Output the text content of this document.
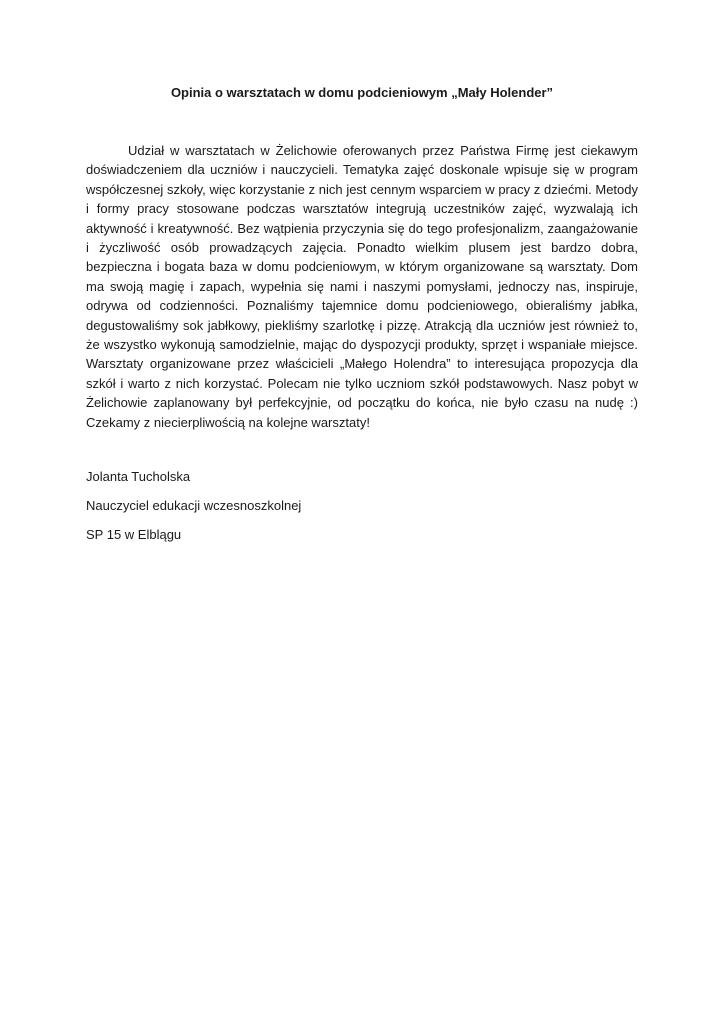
Opinia o warsztatach w domu podcieniowym „Mały Holender”

Udział w warsztatach w Żelichowie oferowanych przez Państwa Firmę jest ciekawym doświadczeniem dla uczniów i nauczycieli. Tematyka zajęć doskonale wpisuje się w program współczesnej szkoły, więc korzystanie z nich jest cennym wsparciem w pracy z dziećmi. Metody i formy pracy stosowane podczas warsztatów integrują uczestników zajęć, wyzwalają ich aktywność i kreatywność. Bez wątpienia przyczynia się do tego profesjonalizm, zaangażowanie i życzliwość osób prowadzących zajęcia. Ponadto wielkim plusem jest bardzo dobra, bezpieczna i bogata baza w domu podcieniowym, w którym organizowane są warsztaty. Dom ma swoją magię i zapach, wypełnia się nami i naszymi pomysłami, jednoczy nas, inspiruje, odrywa od codzienności. Poznaliśmy tajemnice domu podcieniowego, obieraliśmy jabłka, degustowaliśmy sok jabłkowy, piekliśmy szarlotkę i pizzę. Atrakcją dla uczniów jest również to, że wszystko wykonują samodzielnie, mając do dyspozycji produkty, sprzęt i wspaniałe miejsce. Warsztaty organizowane przez właścicieli „Małego Holendra” to interesująca propozycja dla szkół i warto z nich korzystać. Polecam nie tylko uczniom szkół podstawowych. Nasz pobyt w Żelichowie zaplanowany był perfekcyjnie, od początku do końca, nie było czasu na nudę :) Czekamy z niecierpliwością na kolejne warsztaty!

Jolanta Tucholska

Nauczyciel edukacji wczesnoszkolnej

SP 15 w Elblągu
